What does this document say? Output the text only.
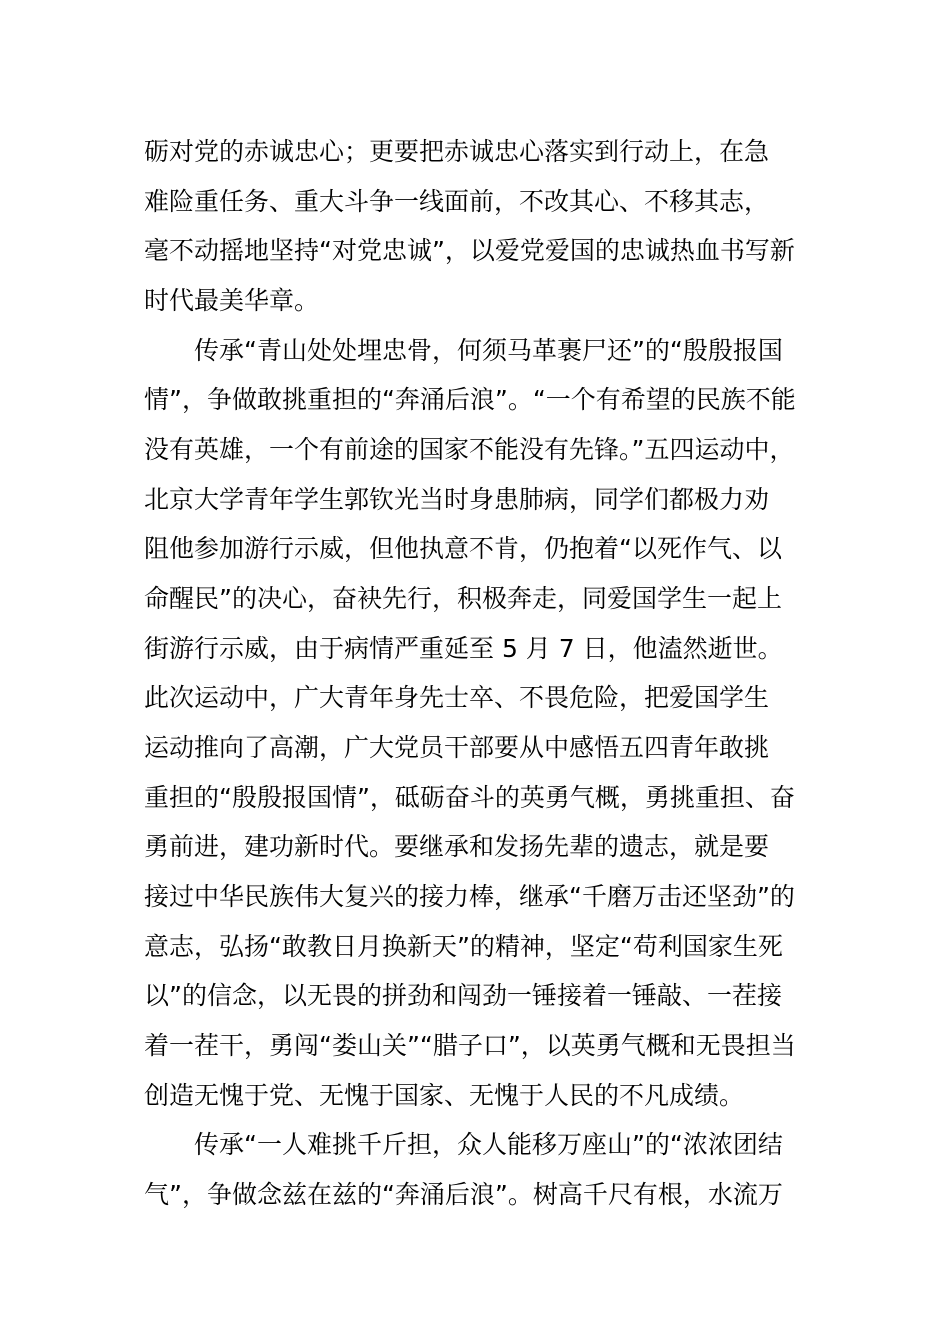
砺对党的赤诚忠心；更要把赤诚忠心落实到行动上，在急
难险重任务、重大斗争一线面前，不改其心、不移其志，
毫不动摇地坚持“对党忠诚”，以爱党爱国的忠诚热血书写新
时代最美华章。
　　传承“青山处处埋忠骨，何须马革裹尸还”的“殷殷报国
情”，争做敢挑重担的“奔涌后浪”。“一个有希望的民族不能
没有英雄，一个有前途的国家不能没有先锋。”五四运动中，
北京大学青年学生郭钦光当时身患肺病，同学们都极力劝
阻他参加游行示威，但他执意不肯，仍抱着“以死作气、以
命醒民”的决心，奋袂先行，积极奔走，同爱国学生一起上
街游行示威，由于病情严重延至 5 月 7 日，他溘然逝世。
此次运动中，广大青年身先士卒、不畏危险，把爱国学生
运动推向了高潮，广大党员干部要从中感悟五四青年敢挑
重担的“殷殷报国情”，砥砺奋斗的英勇气概，勇挑重担、奋
勇前进，建功新时代。要继承和发扬先辈的遗志，就是要
接过中华民族伟大复兴的接力棒，继承“千磨万击还坚劲”的
意志，弘扬“敢教日月换新天”的精神，坚定“苟利国家生死
以”的信念，以无畏的拼劲和闯劲一锤接着一锤敲、一茬接
着一茬干，勇闯“娄山关”“腊子口”，以英勇气概和无畏担当
创造无愧于党、无愧于国家、无愧于人民的不凡成绩。
　　传承“一人难挑千斤担，众人能移万座山”的“浓浓团结
气”，争做念兹在兹的“奔涌后浪”。树高千尺有根，水流万
